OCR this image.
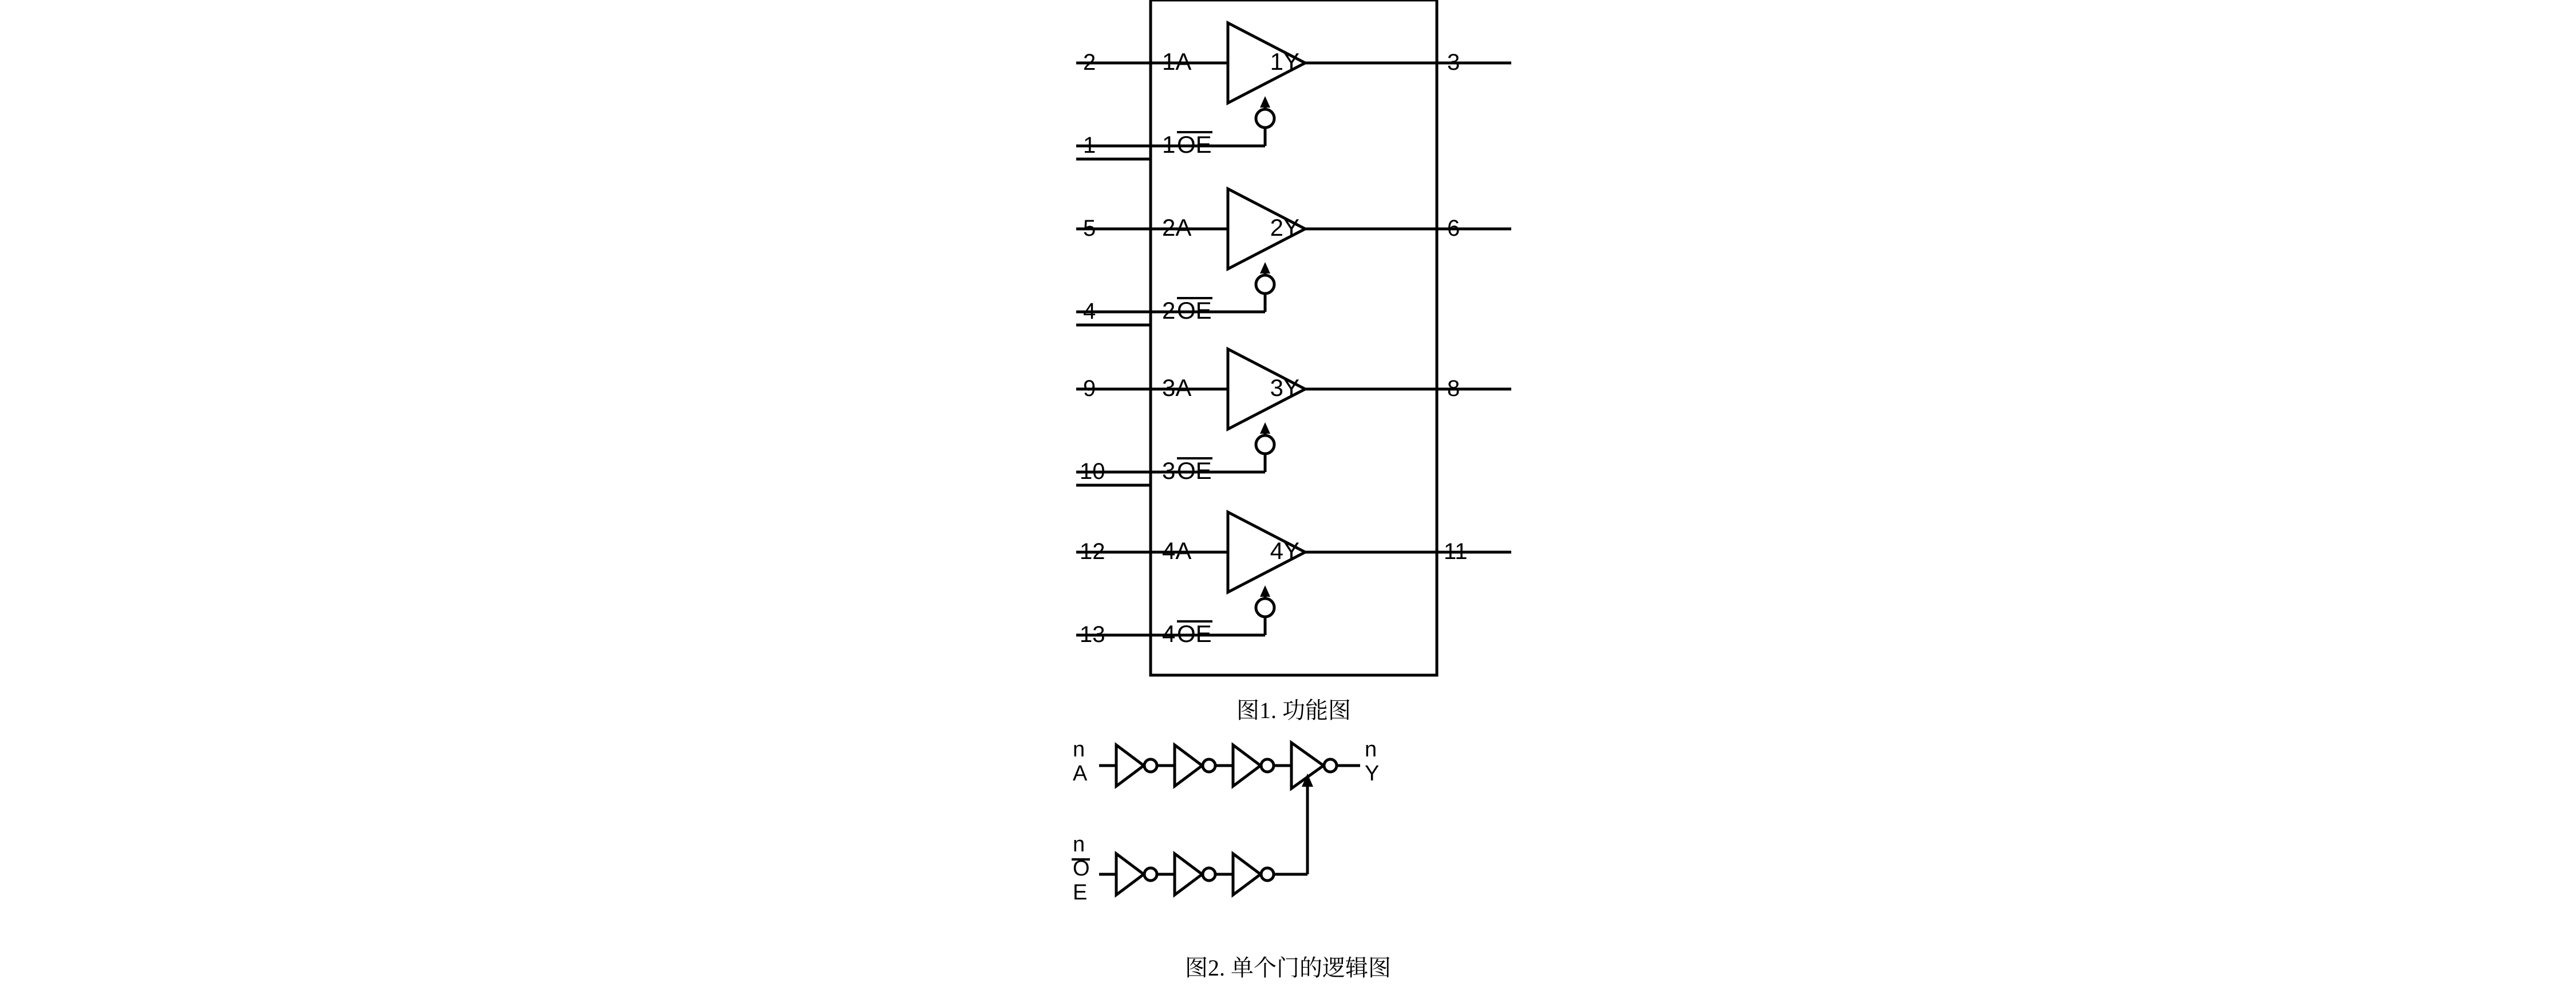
1A
2	1Y	3
1	1 OE
2A
5	2Y	6
4	2 OE
3A
9	3Y	8
10 3 OE
4A
12	4Y	11
13 4 OE
图1. 功能图
n
A
n
O
E
n
Y
图2. 单个门的逻辑图
